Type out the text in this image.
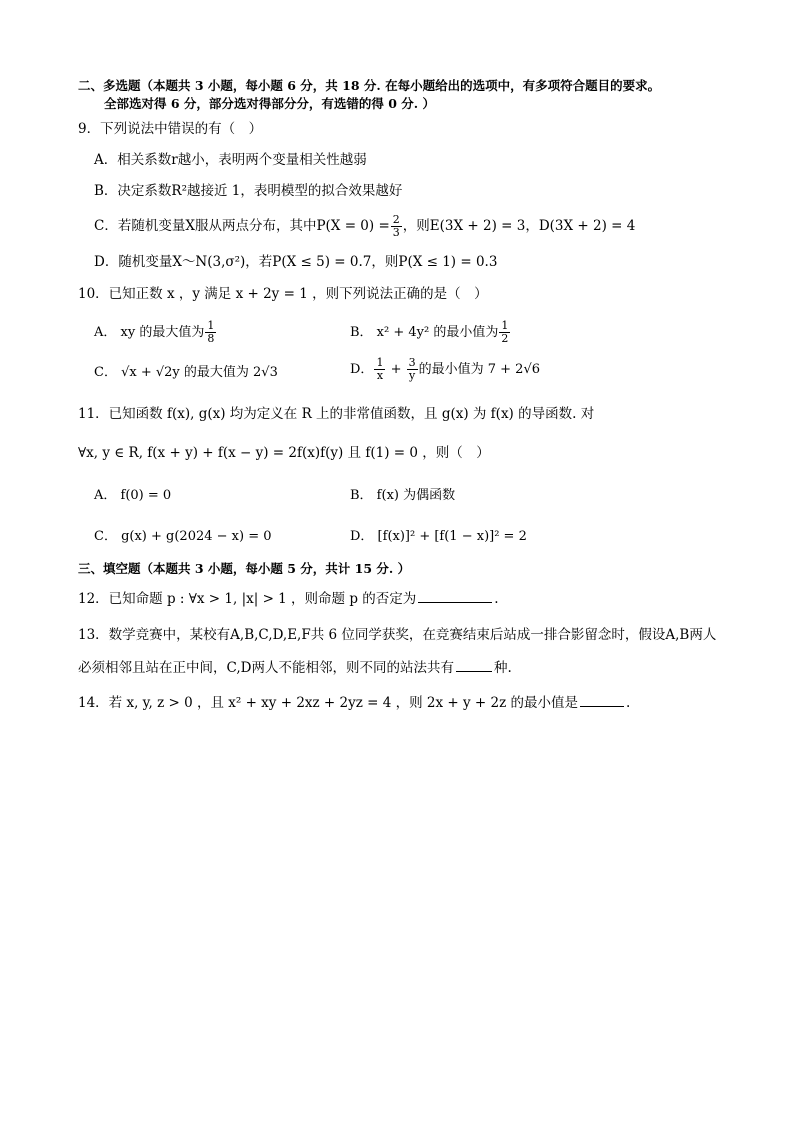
二、多选题（本题共 3 小题，每小题 6 分，共 18 分. 在每小题给出的选项中，有多项符合题目的要求。
全部选对得 6 分，部分选对得部分分，有选错的得 0 分. ）
9．下列说法中错误的有（　）
A．相关系数r越小，表明两个变量相关性越弱
B．决定系数R²越接近 1，表明模型的拟合效果越好
C．若随机变量X服从两点分布，其中$P(X = 0) = \frac{2}{3}$ ，则E(3X + 2) = 3，D(3X + 2) = 4
D．随机变量X～N(3,σ²)，若P(X ≤ 5) = 0.7，则P(X ≤ 1) = 0.3
10．已知正数 x ，y 满足 x + 2y = 1 ，则下列说法正确的是（　）
A． xy 的最大值为 $\frac{1}{8}$	B． x² + 4y² 的最小值为 $\frac{1}{2}$
C． √x + √2y 的最大值为 2√3	D． $\frac{1}{x} + \frac{3}{y}$ 的最小值为 7 + 2√6
11．已知函数 f(x), g(x) 均为定义在 R 上的非常值函数，且 g(x) 为 f(x) 的导函数. 对
∀x, y ∈ R, f(x + y) + f(x − y) = 2f(x)f(y) 且 f(1) = 0 ，则（　）
A． f(0) = 0	B． f(x) 为偶函数
C． g(x) + g(2024 − x) = 0	D． [f(x)]² + [f(1 − x)]² = 2
三、填空题（本题共 3 小题，每小题 5 分，共计 15 分. ）
12．已知命题 p : ∀x > 1, |x| > 1 ，则命题 p 的否定为	.
13．数学竞赛中，某校有A,B,C,D,E,F共 6 位同学获奖，在竞赛结束后站成一排合影留念时，假设A,B两人
必须相邻且站在正中间，C,D两人不能相邻，则不同的站法共有	种.
14．若 x, y, z > 0 ，且 x² + xy + 2xz + 2yz = 4 ，则 2x + y + 2z 的最小值是	.
